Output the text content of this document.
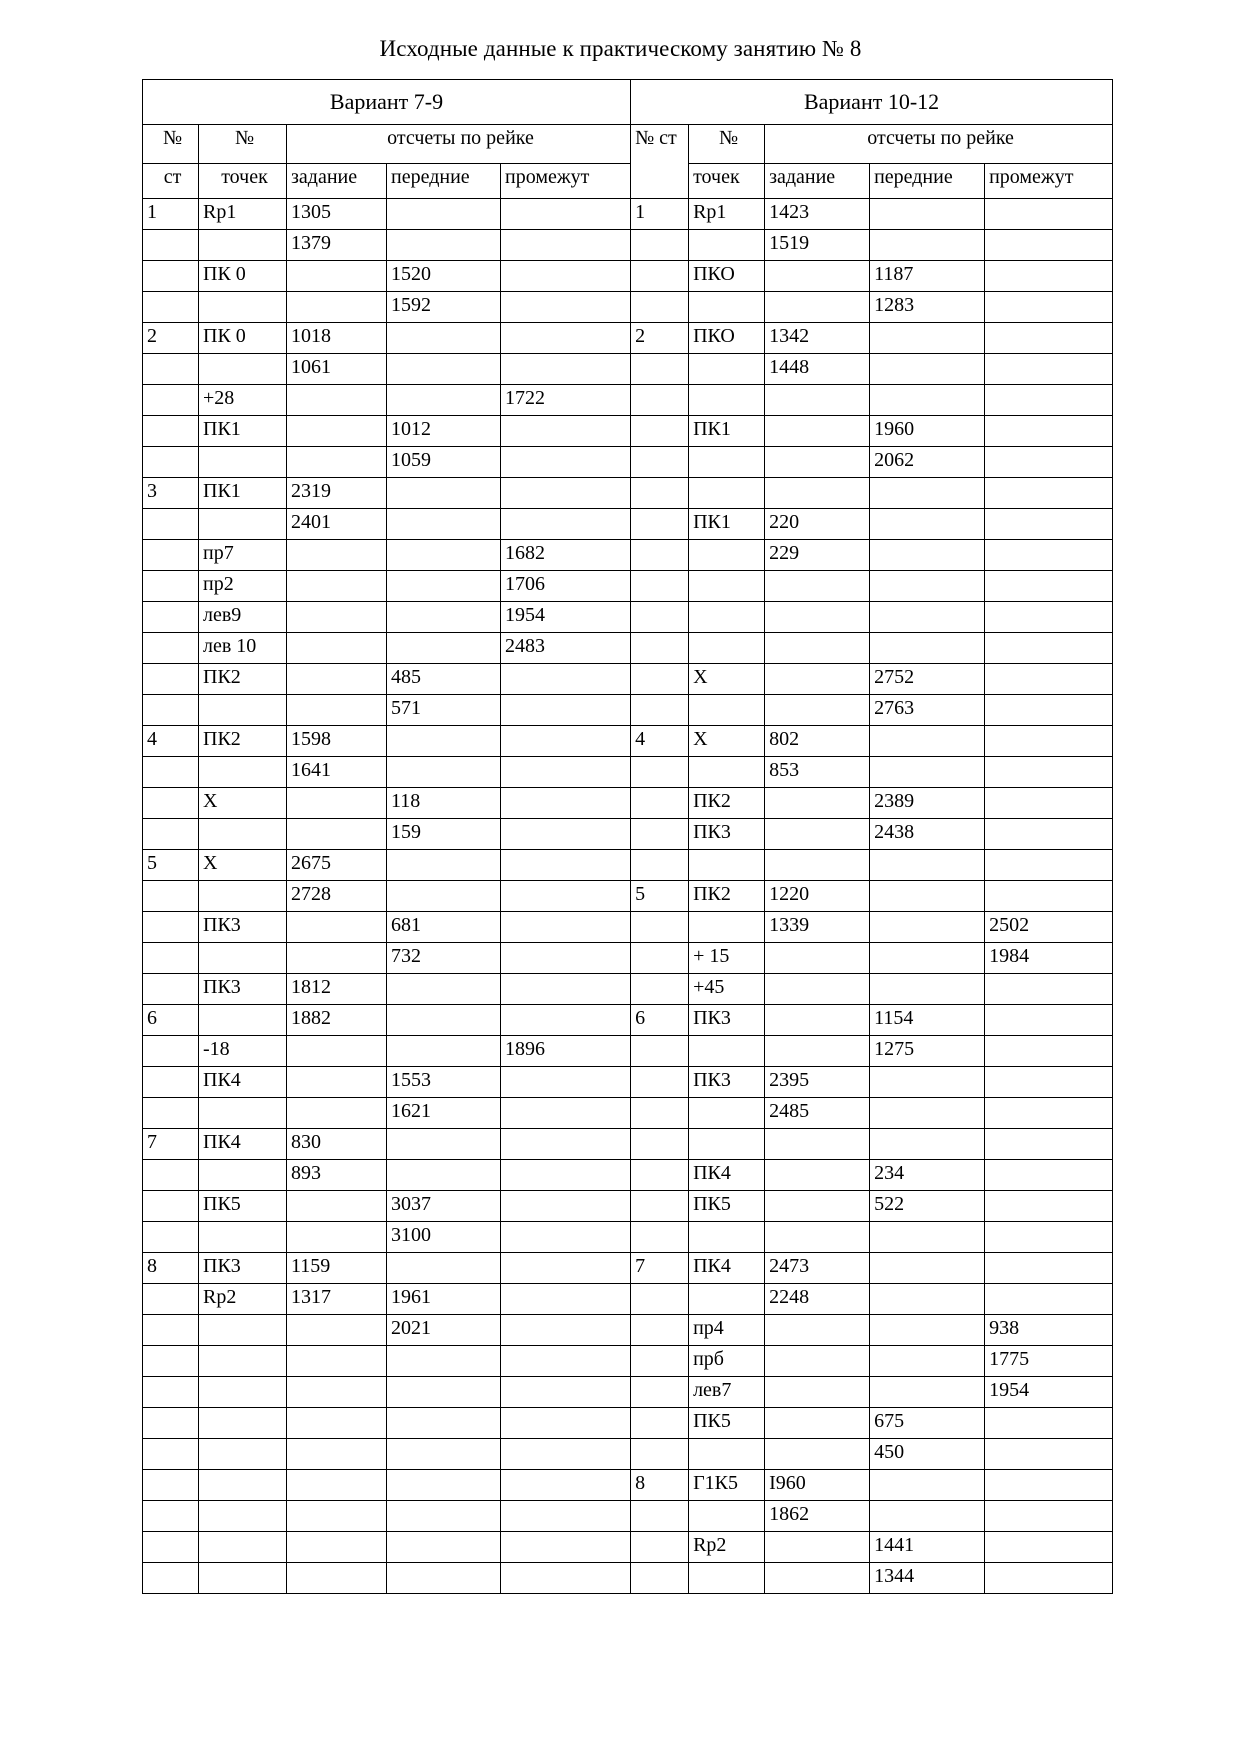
Исходные данные к практическому занятию № 8
Вариант 7-9					Вариант 10-12				
№	№	отсчеты по рейке			№ ст	№	отсчеты по рейке		
ст	точек	задание	передние	промежут		точек	задание	передние	промежут
1	Rp1	1305			1	Rp1	1423		
		1379					1519		
	ПК 0		1520			ПКО		1187	
			1592					1283	
2	ПК 0	1018			2	ПКО	1342		
		1061					1448		
	+28			1722					
	ПК1		1012			ПК1		1960	
			1059					2062	
3	ПК1	2319							
		2401				ПК1	220		
	пр7			1682			229		
	пр2			1706					
	лев9			1954					
	лев 10			2483					
	ПК2		485			X		2752	
			571					2763	
4	ПК2	1598			4	X	802		
		1641					853		
	X		118			ПК2		2389	
			159			ПК3		2438	
5	X	2675							
		2728			5	ПК2	1220		
	ПК3		681				1339		2502
			732			+ 15			1984
	ПК3	1812				+45			
6		1882			6	ПК3		1154	
	-18			1896				1275	
	ПК4		1553			ПК3	2395		
			1621				2485		
7	ПК4	830							
		893				ПК4		234	
	ПК5		3037			ПК5		522	
			3100						
8	ПК3	1159			7	ПК4	2473		
	Rp2	1317	1961				2248		
			2021			пр4			938
						прб			1775
						лев7			1954
						ПК5		675	
								450	
					8	Г1К5	I960		
							1862		
						Rp2		1441	
								1344	
